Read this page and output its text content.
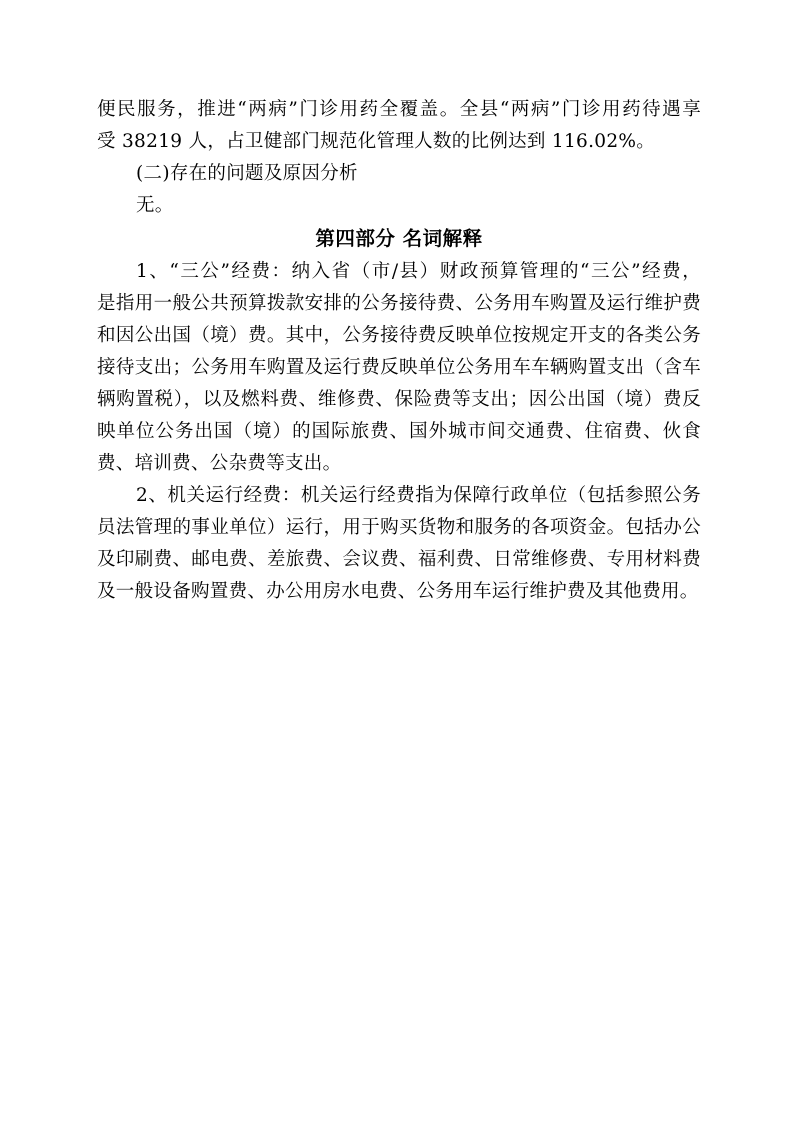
便民服务，推进“两病”门诊用药全覆盖。全县“两病”门诊用药待遇享
受 38219 人，占卫健部门规范化管理人数的比例达到 116.02%。
(二)存在的问题及原因分析
无。
第四部分 名词解释
1、“三公”经费：纳入省（市/县）财政预算管理的“三公”经费，
是指用一般公共预算拨款安排的公务接待费、公务用车购置及运行维护费
和因公出国（境）费。其中，公务接待费反映单位按规定开支的各类公务
接待支出；公务用车购置及运行费反映单位公务用车车辆购置支出（含车
辆购置税），以及燃料费、维修费、保险费等支出；因公出国（境）费反
映单位公务出国（境）的国际旅费、国外城市间交通费、住宿费、伙食
费、培训费、公杂费等支出。
2、机关运行经费：机关运行经费指为保障行政单位（包括参照公务
员法管理的事业单位）运行，用于购买货物和服务的各项资金。包括办公
及印刷费、邮电费、差旅费、会议费、福利费、日常维修费、专用材料费
及一般设备购置费、办公用房水电费、公务用车运行维护费及其他费用。
